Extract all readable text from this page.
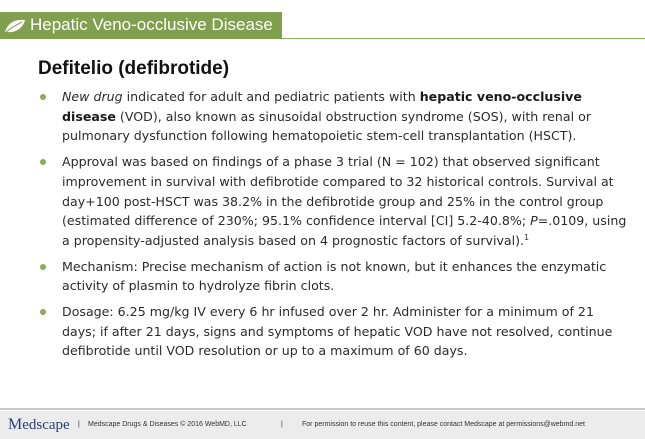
Hepatic Veno-occlusive Disease
Defitelio (defibrotide)
New drug indicated for adult and pediatric patients with hepatic veno-occlusive disease (VOD), also known as sinusoidal obstruction syndrome (SOS), with renal or pulmonary dysfunction following hematopoietic stem-cell transplantation (HSCT).
Approval was based on findings of a phase 3 trial (N = 102) that observed significant improvement in survival with defibrotide compared to 32 historical controls. Survival at day+100 post-HSCT was 38.2% in the defibrotide group and 25% in the control group (estimated difference of 230%; 95.1% confidence interval [CI] 5.2-40.8%; P=.0109, using a propensity-adjusted analysis based on 4 prognostic factors of survival).$^1$
Mechanism: Precise mechanism of action is not known, but it enhances the enzymatic activity of plasmin to hydrolyze fibrin clots.
Dosage: 6.25 mg/kg IV every 6 hr infused over 2 hr. Administer for a minimum of 21 days; if after 21 days, signs and symptoms of hepatic VOD have not resolved, continue defibrotide until VOD resolution or up to a maximum of 60 days.
Medscape | Medscape Drugs & Diseases © 2016 WebMD, LLC	|	For permission to reuse this content, please contact Medscape at permissions@webmd.net
